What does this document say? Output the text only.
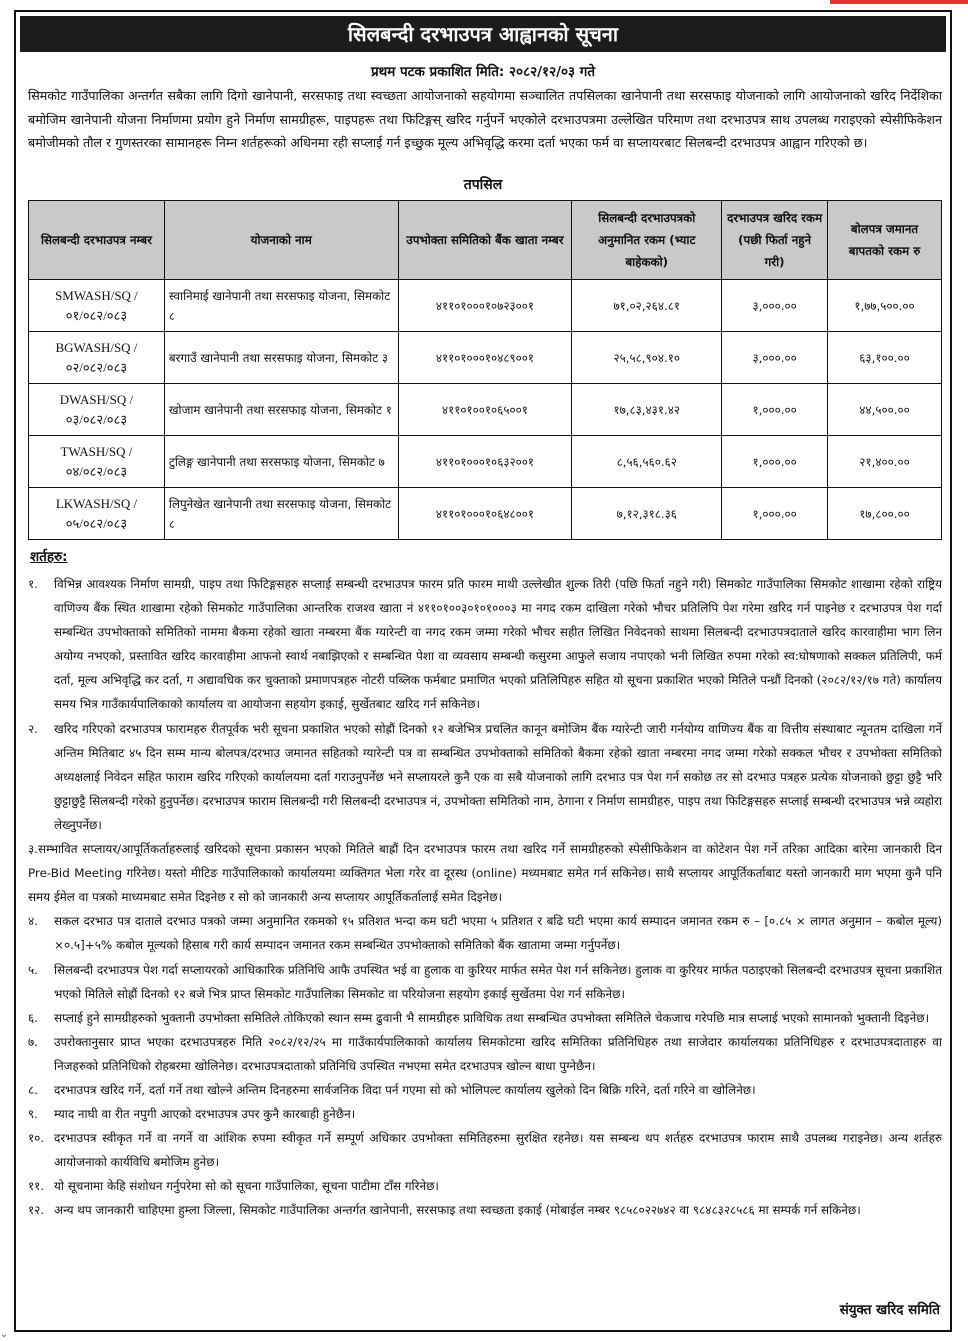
सिलबन्दी दरभाउपत्र आह्वानको सूचना
प्रथम पटक प्रकाशित मिति: २०८२/१२/०३ गते
सिमकोट गाउँपालिका अन्तर्गत सबैका लागि दिगो खानेपानी, सरसफाइ तथा स्वच्छता आयोजनाको सहयोगमा सञ्चालित तपसिलका खानेपानी तथा सरसफाइ योजनाको लागि आयोजनाको खरिद निर्देशिका बमोजिम खानेपानी योजना निर्माणमा प्रयोग हुने निर्माण सामग्रीहरू, पाइपहरू तथा फिटिङ्गस् खरिद गर्नुपर्ने भएकोले दरभाउपत्रमा उल्लेखित परिमाण तथा दरभाउपत्र साथ उपलब्ध गराइएको स्पेसीफिकेशन बमोजीमको तौल र गुणस्तरका सामानहरू निम्न शर्तहरूको अधिनमा रही सप्लाई गर्न इच्छुक मूल्य अभिवृद्धि करमा दर्ता भएका फर्म वा सप्लायरबाट सिलबन्दी दरभाउपत्र आह्वान गरिएको छ।
तपसिल
सिलबन्दी दरभाउपत्र नम्बर	योजनाको नाम	उपभोक्ता समितिको बैंक खाता नम्बर	सिलबन्दी दरभाउपत्रको अनुमानित रकम (भ्याट बाहेकको)	दरभाउपत्र खरिद रकम (पछी फिर्ता नहुने गरी)	बोलपत्र जमानत बापतको रकम रु
SMWASH/SQ /०१/०८२/०८३	स्वानिमाई खानेपानी तथा सरसफाइ योजना, सिमकोट ८	४११०१०००१०७२३००१	७१,०२,२६४.८१	३,०००.००	१,७७,५००.००
BGWASH/SQ /०२/०८२/०८३	बरगाउँ खानेपानी तथा सरसफाइ योजना, सिमकोट ३	४११०१०००१०४८९००१	२५,५८,९०४.१०	३,०००.००	६३,१००.००
DWASH/SQ /०३/०८२/०८३	खोजाम खानेपानी तथा सरसफाइ योजना, सिमकोट १	४११०१००१०६५००१	१७,८३,४३१.४२	१,०००.००	४४,५००.००
TWASH/SQ /०४/०८२/०८३	टुलिङ्ग खानेपानी तथा सरसफाइ योजना, सिमकोट ७	४११०१०००१०६३२००१	८,५६,५६०.६२	१,०००.००	२१,४००.००
LKWASH/SQ /०५/०८२/०८३	लिपुनेखेत खानेपानी तथा सरसफाइ योजना, सिमकोट ८	४११०१०००१०६४८००१	७,१२,३१८.३६	१,०००.००	१७,८००.००
शर्तहरु:
१.	विभिन्न आवश्यक निर्माण सामग्री, पाइप तथा फिटिङ्गसहरु सप्लाई सम्बन्धी दरभाउपत्र फारम प्रति फारम माथी उल्लेखीत शुल्क तिरी (पछि फिर्ता नहुने गरी) सिमकोट गाउँपालिका सिमकोट शाखामा रहेको राष्ट्रिय वाणिज्य बैंक स्थित शाखामा रहेको सिमकोट गाउँपालिका आन्तरिक राजश्व खाता नं ४११०१००३०१०१०००३ मा नगद रकम दाखिला गरेको भौचर प्रतिलिपि पेश गरेमा खरिद गर्न पाइनेछ र दरभाउपत्र पेश गर्दा सम्बन्धित उपभोक्ताको समितिको नाममा बैकमा रहेको खाता नम्बरमा बैंक ग्यारेन्टी वा नगद रकम जम्मा गरेको भौचर सहीत लिखित निवेदनको साथमा सिलबन्दी दरभाउपत्रदाताले खरिद कारवाहीमा भाग लिन अयोग्य नभएको, प्रस्तावित खरिद कारवाहीमा आफनो स्वार्थ नबाझिएको र सम्बन्धित पेशा वा व्यवसाय सम्बन्धी कसुरमा आफुले सजाय नपाएको भनी लिखित रुपमा गरेको स्व:घोषणाको सक्कल प्रतिलिपी, फर्म दर्ता, मूल्य अभिवृद्धि कर दर्ता, ग अद्यावधिक कर चुक्ताको प्रमाणपत्रहरु नोटरी पब्लिक फर्मबाट प्रमाणित भएको प्रतिलिपिहरु सहित यो सूचना प्रकाशित भएको मितिले पन्ध्रौं दिनको (२०८२/१२/१७ गते) कार्यालय समय भित्र गाउँकार्यपालिकाको कार्यालय वा आयोजना सहयोग इकाई, सुर्खेतबाट खरिद गर्न सकिनेछ।
२.	खरिद गरिएको दरभाउपत्र फारामहरु रीतपूर्वक भरी सूचना प्रकाशित भएको सोह्रौं दिनको १२ बजेभित्र प्रचलित कानून बमोजिम बैंक ग्यारेन्टी जारी गर्नयोग्य वाणिज्य बैंक वा वित्तीय संस्थाबाट न्यूनतम दाखिला गर्ने अन्तिम मितिबाट ४५ दिन सम्म मान्य बोलपत्र/दरभाउ जमानत सहितको ग्यारेन्टी पत्र वा सम्बन्धित उपभोक्ताको समितिको बैकमा रहेको खाता नम्बरमा नगद जम्मा गरेको सक्कल भौचर र उपभोक्ता समितिको अध्यक्षलाई निवेदन सहित फाराम खरिद गरिएको कार्यालयमा दर्ता गराउनुपर्नेछ भने सप्लायरले कुनै एक वा सबै योजनाको लागि दरभाउ पत्र पेश गर्न सकोछ तर सो दरभाउ पत्रहरु प्रत्येक योजनाको छुट्टा छुट्टै भरि छुट्टाछुट्टै सिलबन्दी गरेको हुनुपर्नेछ। दरभाउपत्र फाराम सिलबन्दी गरी सिलबन्दी दरभाउपत्र नं, उपभोक्ता समितिको नाम, ठेगाना र निर्माण सामग्रीहरु, पाइप तथा फिटिङ्गसहरु सप्लाई सम्बन्धी दरभाउपत्र भन्ने व्यहोरा लेख्नुपर्नेछ।
३.सम्भावित सप्लायर/आपूर्तिकर्ताहरुलाई खरिदको सूचना प्रकासन भएको मितिले बाह्रौं दिन दरभाउपत्र फारम तथा खरिद गर्ने सामग्रीहरुको स्पेसीफिकेशन वा कोटेशन पेश गर्ने तरिका आदिका बारेमा जानकारी दिन Pre-Bid Meeting गरिनेछ। यस्तो मीटिङ गाउँपालिकाको कार्यालयमा व्यक्तिगत भेला गरेर वा दूरस्थ (online) मध्यमबाट समेत गर्न सकिनेछ। साथै सप्लायर आपूर्तिकर्ताबाट यस्तो जानकारी माग भएमा कुनै पनि समय ईमेल वा पत्रको माध्यमबाट समेत दिइनेछ र सो को जानकारी अन्य सप्लायर आपूर्तिकर्तालाई समेत दिइनेछ।
४.	सकल दरभाउ पत्र दाताले दरभाउ पत्रको जम्मा अनुमानित रकमको १५ प्रतिशत भन्दा कम घटी भएमा ५ प्रतिशत र बढि घटी भएमा कार्य सम्पादन जमानत रकम रु – [०.८५ × लागत अनुमान – कबोल मूल्य) ×०.५]+५% कबोल मूल्यको हिसाब गरी कार्य सम्पादन जमानत रकम सम्बन्धित उपभोक्ताको समितिको बैंक खातामा जम्मा गर्नुपर्नेछ।
५.	सिलबन्दी दरभाउपत्र पेश गर्दा सप्लायरको आधिकारिक प्रतिनिधि आफै उपस्थित भई वा हुलाक वा कुरियर मार्फत समेत पेश गर्न सकिनेछ। हुलाक वा कुरियर मार्फत पठाइएको सिलबन्दी दरभाउपत्र सूचना प्रकाशित भएको मितिले सोह्रौं दिनको १२ बजे भित्र प्राप्त सिमकोट गाउँपालिका सिमकोट वा परियोजना सहयोग इकाई सुर्खेतमा पेश गर्न सकिनेछ।
६.	सप्लाई हुने सामग्रीहरुको भुक्तानी उपभोक्ता समितिले तोकिएको स्थान सम्म ढुवानी भै सामग्रीहरु प्राविधिक तथा सम्बन्धित उपभोक्ता समितिले चेकजाच गरेपछि मात्र सप्लाई भएको सामानको भुक्तानी दिइनेछ।
७.	उपरोक्तानुसार प्राप्त भएका दरभाउपत्रहरु मिति २०८२/१२/२५ मा गाउँकार्यपालिकाको कार्यालय सिमकोटमा खरिद समितिका प्रतिनिधिहरु तथा साजेदार कार्यालयका प्रतिनिधिहरु र दरभाउपत्रदाताहरु वा निजहरुको प्रतिनिधिको रोहबरमा खोलिनेछ। दरभाउपत्रदाताको प्रतिनिधि उपस्थित नभएमा समेत दरभाउपत्र खोल्न बाधा पुग्नेछैन।
८.	दरभाउपत्र खरिद गर्ने, दर्ता गर्ने तथा खोल्ने अन्तिम दिनहरुमा सार्वजनिक विदा पर्न गएमा सो को भोलिपल्ट कार्यालय खुलेको दिन बिक्रि गरिने, दर्ता गरिने वा खोलिनेछ।
९.	म्याद नाघी वा रीत नपुगी आएको दरभाउपत्र उपर कुनै कारबाही हुनेछैन।
१०. दरभाउपत्र स्वीकृत गर्ने वा नगर्ने वा आंशिक रुपमा स्वीकृत गर्ने सम्पूर्ण अधिकार उपभोक्ता समितिहरुमा सुरक्षित रहनेछ। यस सम्बन्ध थप शर्तहरु दरभाउपत्र फाराम साथै उपलब्ध गराइनेछ। अन्य शर्तहरु आयोजनाको कार्यविधि बमोजिम हुनेछ।
११. यो सूचनामा केहि संशोधन गर्नुपरेमा सो को सूचना गाउँपालिका, सूचना पाटीमा टाँस गरिनेछ।
१२. अन्य थप जानकारी चाहिएमा हुम्ला जिल्ला, सिमकोट गाउँपालिका अन्तर्गत खानेपानी, सरसफाइ तथा स्वच्छता इकाई (मोबाईल नम्बर ९८५८०२२७४२ वा ९८४८३२८५८६ मा सम्पर्क गर्न सकिनेछ।
संयुक्त खरिद समिति
⌄
